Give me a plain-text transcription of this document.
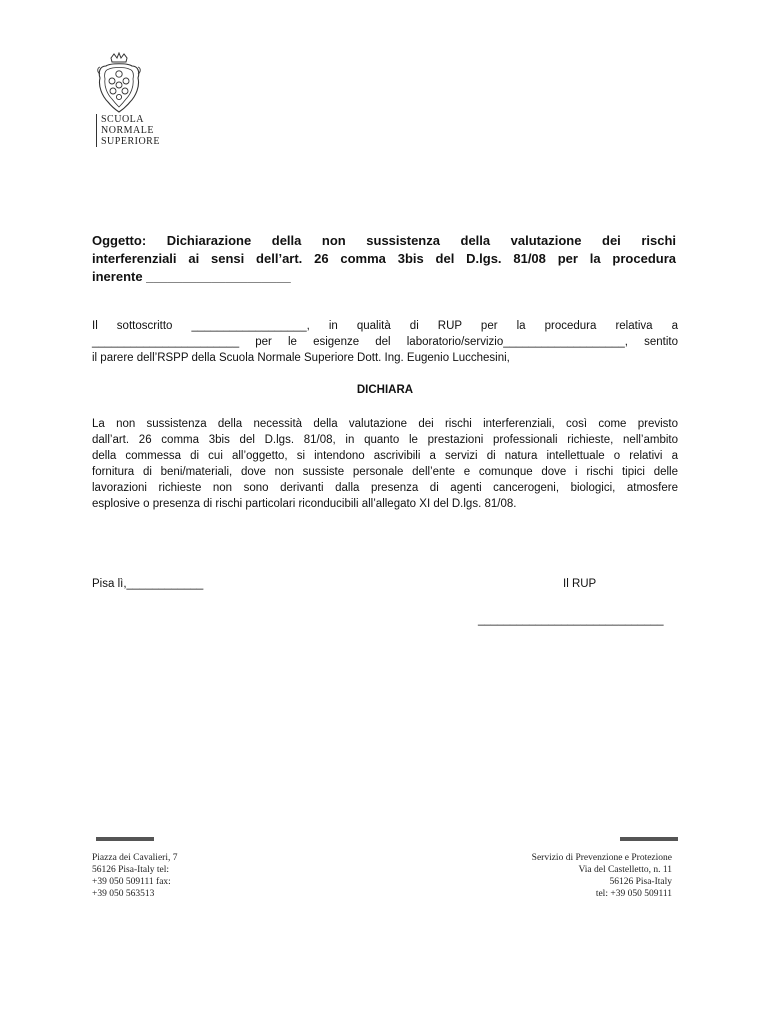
SCUOLA
NORMALE
SUPERIORE
Oggetto: Dichiarazione della non sussistenza della valutazione dei rischi
interferenziali ai sensi dell’art. 26 comma 3bis del D.lgs. 81/08 per la procedura
inerente ____________________
Il sottoscritto __________________, in qualità di RUP per la procedura relativa a
_______________________ per le esigenze del laboratorio/servizio___________________, sentito
il parere dell’RSPP della Scuola Normale Superiore Dott. Ing. Eugenio Lucchesini,
DICHIARA
La non sussistenza della necessità della valutazione dei rischi interferenziali, così come previsto
dall’art. 26 comma 3bis del D.lgs. 81/08, in quanto le prestazioni professionali richieste, nell’ambito
della commessa di cui all’oggetto, si intendono ascrivibili a servizi di natura intellettuale o relativi a
fornitura di beni/materiali, dove non sussiste personale dell’ente e comunque dove i rischi tipici delle
lavorazioni richieste non sono derivanti dalla presenza di agenti cancerogeni, biologici, atmosfere
esplosive o presenza di rischi particolari riconducibili all’allegato XI del D.lgs. 81/08.
Pisa lì,____________	Il RUP
_____________________________
Piazza dei Cavalieri, 7
56126 Pisa-Italy tel:
+39 050 509111 fax:
+39 050 563513
Servizio di Prevenzione e Protezione
Via del Castelletto, n. 11
56126 Pisa-Italy
tel: +39 050 509111
